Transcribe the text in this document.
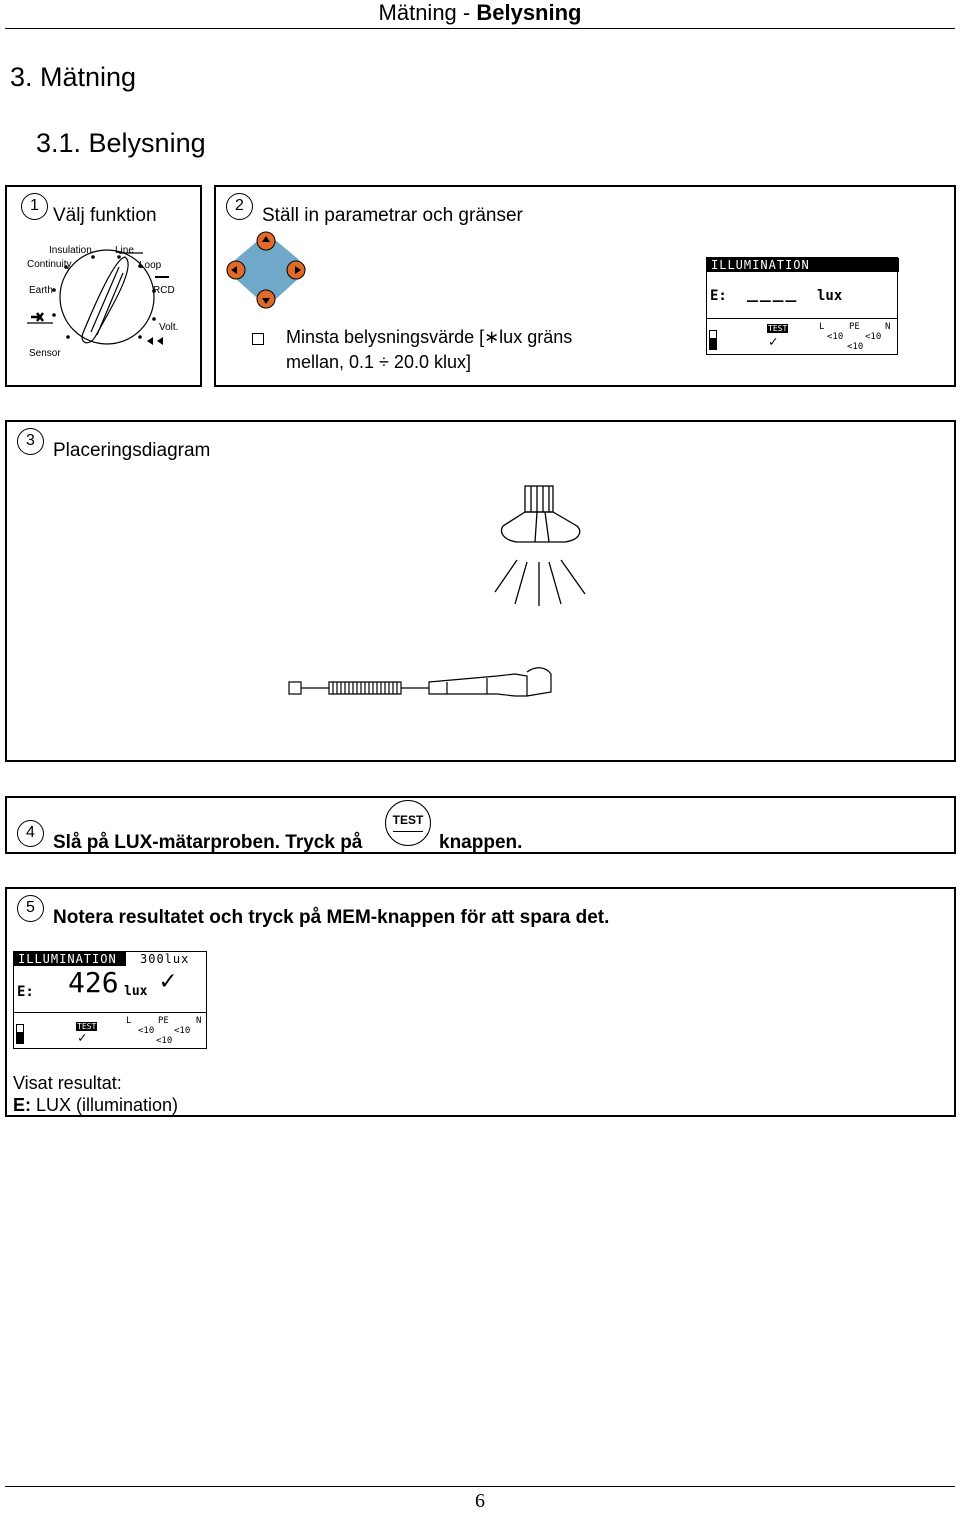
Mätning - Belysning
3. Mätning
3.1. Belysning
1 Välj funktion
Insulation
Continuity
Line
Loop
Earth	RCD
Volt.
Sensor
2 Ställ in parametrar och gränser
Minsta belysningsvärde [∗lux gräns
mellan, 0.1 ÷ 20.0 klux]
ILLUMINATION 300lux
E: ____ lux
TEST
✓
L	PE	N
<10 <10
<10
3 Placeringsdiagram
4 Slå på LUX-mätarproben. Tryck på
TEST
knappen.
5 Notera resultatet och tryck på MEM-knappen för att spara det.
ILLUMINATION	300lux
E: 426 lux ✓
TEST
✓
L	PE	N
<10 <10
<10
Visat resultat:
E: LUX (illumination)
6
